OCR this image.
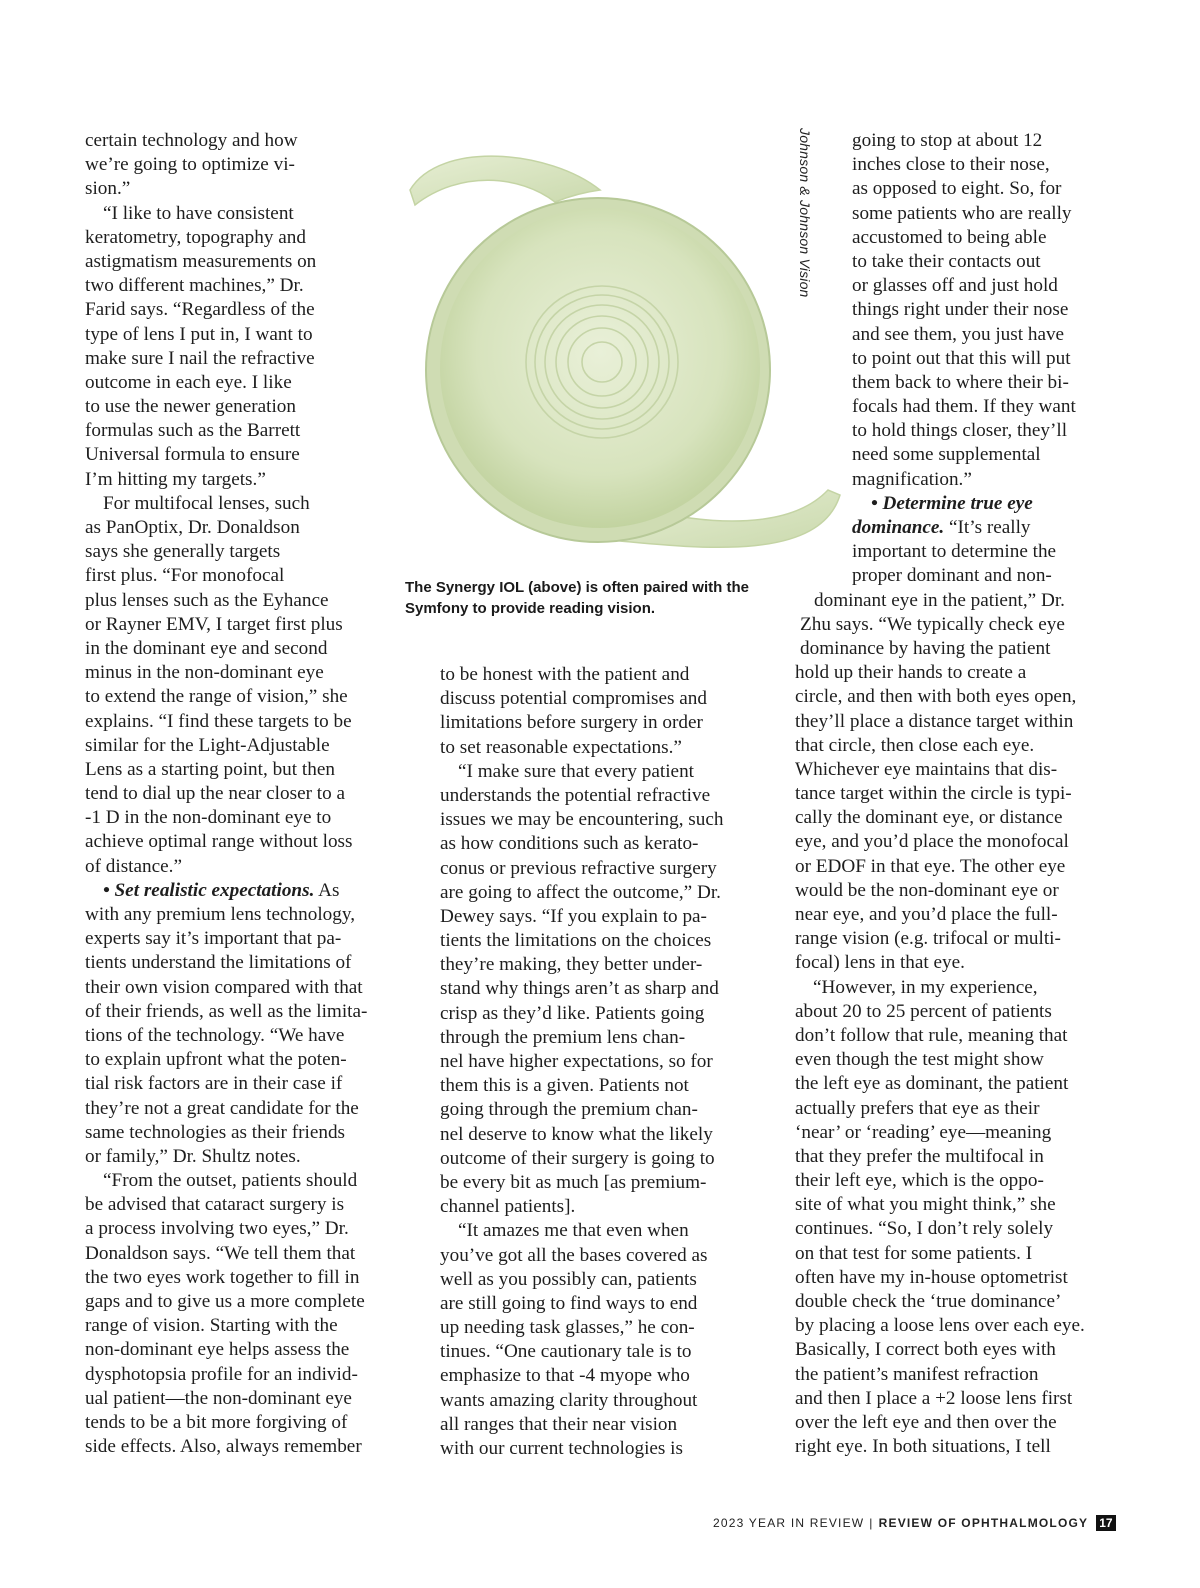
Johnson & Johnson Vision
The Synergy IOL (above) is often paired with the
Symfony to provide reading vision.
certain technology and how
we’re going to optimize vi-
sion.”
“I like to have consistent
keratometry, topography and
astigmatism measurements on
two different machines,” Dr.
Farid says. “Regardless of the
type of lens I put in, I want to
make sure I nail the refractive
outcome in each eye. I like
to use the newer generation
formulas such as the Barrett
Universal formula to ensure
I’m hitting my targets.”
For multifocal lenses, such
as PanOptix, Dr. Donaldson
says she generally targets
first plus. “For monofocal
plus lenses such as the Eyhance
or Rayner EMV, I target first plus
in the dominant eye and second
minus in the non-dominant eye
to extend the range of vision,” she
explains. “I find these targets to be
similar for the Light-Adjustable
Lens as a starting point, but then
tend to dial up the near closer to a
-1 D in the non-dominant eye to
achieve optimal range without loss
of distance.”
• Set realistic expectations. As
with any premium lens technology,
experts say it’s important that pa-
tients understand the limitations of
their own vision compared with that
of their friends, as well as the limita-
tions of the technology. “We have
to explain upfront what the poten-
tial risk factors are in their case if
they’re not a great candidate for the
same technologies as their friends
or family,” Dr. Shultz notes.
“From the outset, patients should
be advised that cataract surgery is
a process involving two eyes,” Dr.
Donaldson says. “We tell them that
the two eyes work together to fill in
gaps and to give us a more complete
range of vision. Starting with the
non-dominant eye helps assess the
dysphotopsia profile for an individ-
ual patient—the non-dominant eye
tends to be a bit more forgiving of
side effects. Also, always remember
to be honest with the patient and
discuss potential compromises and
limitations before surgery in order
to set reasonable expectations.”
“I make sure that every patient
understands the potential refractive
issues we may be encountering, such
as how conditions such as kerato-
conus or previous refractive surgery
are going to affect the outcome,” Dr.
Dewey says. “If you explain to pa-
tients the limitations on the choices
they’re making, they better under-
stand why things aren’t as sharp and
crisp as they’d like. Patients going
through the premium lens chan-
nel have higher expectations, so for
them this is a given. Patients not
going through the premium chan-
nel deserve to know what the likely
outcome of their surgery is going to
be every bit as much [as premium-
channel patients].
“It amazes me that even when
you’ve got all the bases covered as
well as you possibly can, patients
are still going to find ways to end
up needing task glasses,” he con-
tinues. “One cautionary tale is to
emphasize to that -4 myope who
wants amazing clarity throughout
all ranges that their near vision
with our current technologies is
going to stop at about 12
inches close to their nose,
as opposed to eight. So, for
some patients who are really
accustomed to being able
to take their contacts out
or glasses off and just hold
things right under their nose
and see them, you just have
to point out that this will put
them back to where their bi-
focals had them. If they want
to hold things closer, they’ll
need some supplemental
magnification.”
• Determine true eye
dominance. “It’s really
important to determine the
proper dominant and non-
dominant eye in the patient,” Dr.
Zhu says. “We typically check eye
dominance by having the patient
hold up their hands to create a
circle, and then with both eyes open,
they’ll place a distance target within
that circle, then close each eye.
Whichever eye maintains that dis-
tance target within the circle is typi-
cally the dominant eye, or distance
eye, and you’d place the monofocal
or EDOF in that eye. The other eye
would be the non-dominant eye or
near eye, and you’d place the full-
range vision (e.g. trifocal or multi-
focal) lens in that eye.
“However, in my experience,
about 20 to 25 percent of patients
don’t follow that rule, meaning that
even though the test might show
the left eye as dominant, the patient
actually prefers that eye as their
‘near’ or ‘reading’ eye—meaning
that they prefer the multifocal in
their left eye, which is the oppo-
site of what you might think,” she
continues. “So, I don’t rely solely
on that test for some patients. I
often have my in-house optometrist
double check the ‘true dominance’
by placing a loose lens over each eye.
Basically, I correct both eyes with
the patient’s manifest refraction
and then I place a +2 loose lens first
over the left eye and then over the
right eye. In both situations, I tell
2023 YEAR IN REVIEW | REVIEW OF OPHTHALMOLOGY 17
